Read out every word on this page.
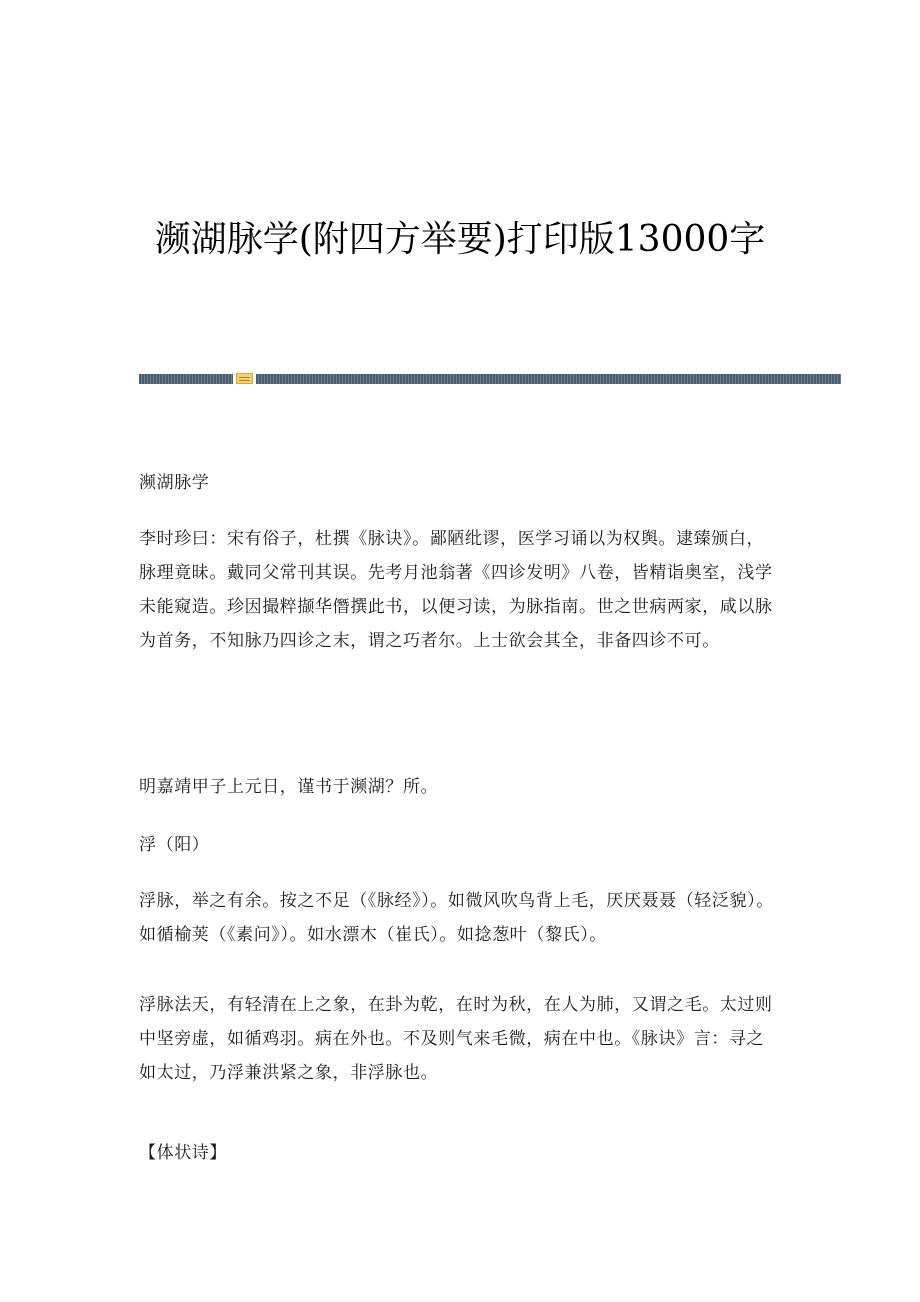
濒湖脉学(附四方举要)打印版13000字

濒湖脉学

李时珍曰：宋有俗子，杜撰《脉诀》。鄙陋纰谬，医学习诵以为权舆。逮臻颁白，脉理竟昧。戴同父常刊其误。先考月池翁著《四诊发明》八卷，皆精诣奥室，浅学未能窥造。珍因撮粹撷华僭撰此书，以便习读，为脉指南。世之世病两家，咸以脉为首务，不知脉乃四诊之末，谓之巧者尔。上士欲会其全，非备四诊不可。

明嘉靖甲子上元日，谨书于濒湖？所。

浮（阳）

浮脉，举之有余。按之不足（《脉经》）。如微风吹鸟背上毛，厌厌聂聂（轻泛貌）。如循榆荚（《素问》）。如水漂木（崔氏）。如捻葱叶（黎氏）。

浮脉法天，有轻清在上之象，在卦为乾，在时为秋，在人为肺，又谓之毛。太过则中坚旁虚，如循鸡羽。病在外也。不及则气来毛微，病在中也。《脉诀》言：寻之如太过，乃浮兼洪紧之象，非浮脉也。

【体状诗】
